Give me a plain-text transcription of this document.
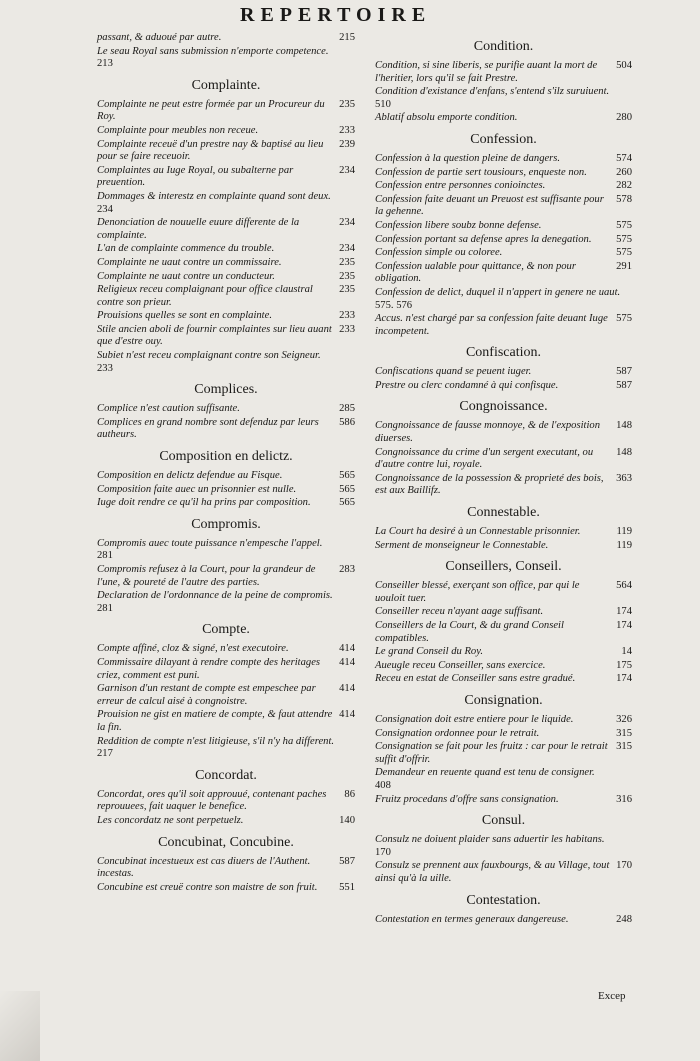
REPERTOIRE
215
passant, & aduoué par autre.
Le seau Royal sans submission n'emporte competence.
213
Complainte.
235
Complainte ne peut estre formée par un Procureur du Roy.
233
Complainte pour meubles non receue.
239
Complainte receuë d'un prestre nay & baptisé au lieu pour se faire receuoir.
234
Complaintes au Iuge Royal, ou subalterne par preuention.
Dommages & interestz en complainte quand sont deux.
234
234
Denonciation de nouuelle euure differente de la complainte.
234
L'an de complainte commence du trouble.
235
Complainte ne uaut contre un commissaire.
235
Complainte ne uaut contre un conducteur.
235
Religieux receu complaignant pour office claustral contre son prieur.
233
Prouisions quelles se sont en complainte.
233
Stile ancien aboli de fournir complaintes sur lieu auant que d'estre ouy.
Subiet n'est receu complaignant contre son Seigneur.
233
Complices.
285
Complice n'est caution suffisante.
586
Complices en grand nombre sont defenduz par leurs autheurs.
Composition en delictz.
565
Composition en delictz defendue au Fisque.
565
Composition faite auec un prisonnier est nulle.
565
Iuge doit rendre ce qu'il ha prins par composition.
Compromis.
Compromis auec toute puissance n'empesche l'appel.
281
283
Compromis refusez à la Court, pour la grandeur de l'une, & poureté de l'autre des parties.
Declaration de l'ordonnance de la peine de compromis.
281
Compte.
414
Compte affiné, cloz & signé, n'est executoire.
414
Commissaire dilayant à rendre compte des heritages criez, comment est puni.
414
Garnison d'un restant de compte est empeschee par erreur de calcul aisé à congnoistre.
414
Prouision ne gist en matiere de compte, & faut attendre la fin.
Reddition de compte n'est litigieuse, s'il n'y ha different.
217
Concordat.
86
Concordat, ores qu'il soit approuué, contenant paches reprouuees, fait uaquer le benefice.
140
Les concordatz ne sont perpetuelz.
Concubinat, Concubine.
587
Concubinat incestueux est cas diuers de l'Authent. incestas.
551
Concubine est creuë contre son maistre de son fruit.
Condition.
504
Condition, si sine liberis, se purifie auant la mort de l'heritier, lors qu'il se fait Prestre.
Condition d'existance d'enfans, s'entend s'ilz suruiuent.
510
280
Ablatif absolu emporte condition.
Confession.
574
Confession à la question pleine de dangers.
260
Confession de partie sert tousiours, enqueste non.
282
Confession entre personnes conioinctes.
578
Confession faite deuant un Preuost est suffisante pour la gehenne.
575
Confession libere soubz bonne defense.
575
Confession portant sa defense apres la denegation.
575
Confession simple ou coloree.
291
Confession ualable pour quittance, & non pour obligation.
Confession de delict, duquel il n'appert in genere ne uaut.
575. 576
575
Accus. n'est chargé par sa confession faite deuant Iuge incompetent.
Confiscation.
587
Confiscations quand se peuent iuger.
587
Prestre ou clerc condamné à qui confisque.
Congnoissance.
148
Congnoissance de fausse monnoye, & de l'exposition diuerses.
148
Congnoissance du crime d'un sergent executant, ou d'autre contre lui, royale.
363
Congnoissance de la possession & proprieté des bois, est aux Baillifz.
Connestable.
119
La Court ha desiré à un Connestable prisonnier.
119
Serment de monseigneur le Connestable.
Conseillers, Conseil.
564
Conseiller blessé, exerçant son office, par qui le uouloit tuer.
174
Conseiller receu n'ayant aage suffisant.
174
Conseillers de la Court, & du grand Conseil compatibles.
14
Le grand Conseil du Roy.
175
Aueugle receu Conseiller, sans exercice.
174
Receu en estat de Conseiller sans estre gradué.
Consignation.
326
Consignation doit estre entiere pour le liquide.
315
Consignation ordonnee pour le retrait.
315
Consignation se fait pour les fruitz : car pour le retrait suffit d'offrir.
Demandeur en reuente quand est tenu de consigner.
408
316
Fruitz procedans d'offre sans consignation.
Consul.
Consulz ne doiuent plaider sans aduertir les habitans.
170
170
Consulz se prennent aux fauxbourgs, & au Village, tout ainsi qu'à la uille.
Contestation.
248
Contestation en termes generaux dangereuse.
Excep
